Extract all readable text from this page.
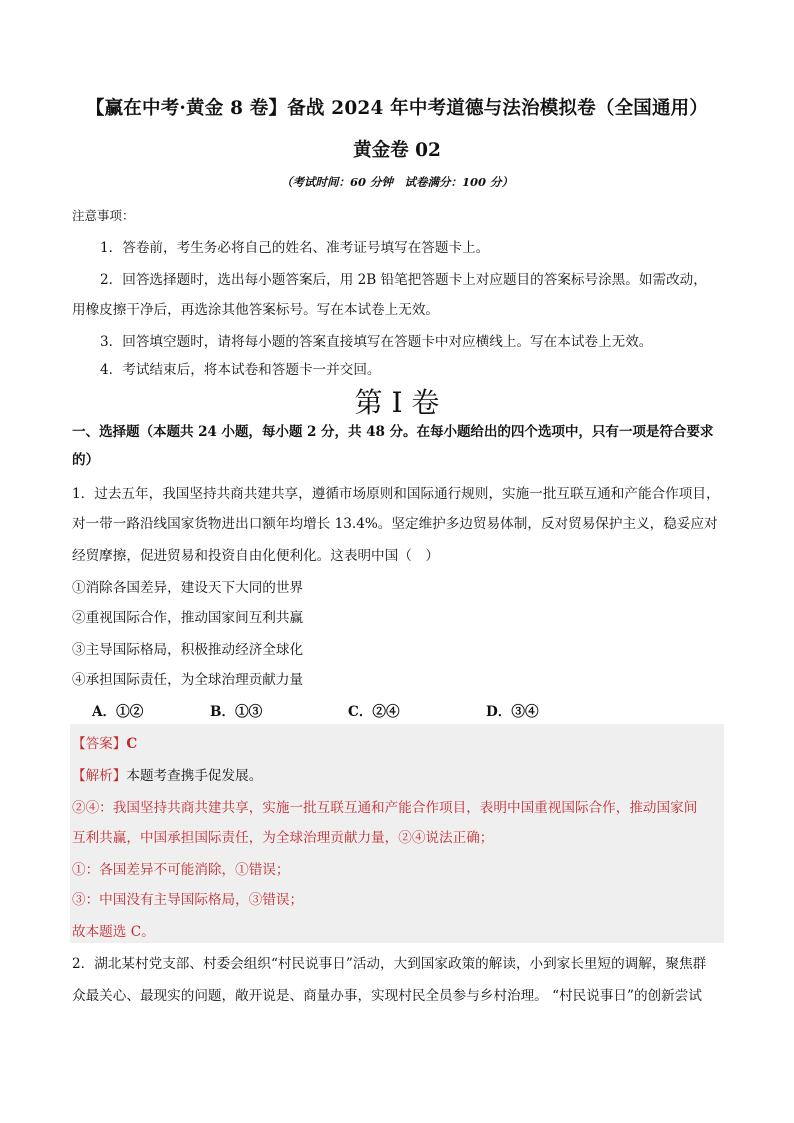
【赢在中考·黄金 8 卷】备战 2024 年中考道德与法治模拟卷（全国通用）
黄金卷 02
（考试时间：60 分钟　试卷满分：100 分）
注意事项：
1．答卷前，考生务必将自己的姓名、准考证号填写在答题卡上。
2．回答选择题时，选出每小题答案后，用 2B 铅笔把答题卡上对应题目的答案标号涂黑。如需改动，
用橡皮擦干净后，再选涂其他答案标号。写在本试卷上无效。
3．回答填空题时，请将每小题的答案直接填写在答题卡中对应横线上。写在本试卷上无效。
4．考试结束后，将本试卷和答题卡一并交回。
第 I 卷
一、选择题（本题共 24 小题，每小题 2 分，共 48 分。在每小题给出的四个选项中，只有一项是符合要求
的）
1．过去五年，我国坚持共商共建共享，遵循市场原则和国际通行规则，实施一批互联互通和产能合作项目，
对一带一路沿线国家货物进出口额年均增长 13.4%。坚定维护多边贸易体制，反对贸易保护主义，稳妥应对
经贸摩擦，促进贸易和投资自由化便利化。这表明中国（　）
①消除各国差异，建设天下大同的世界
②重视国际合作，推动国家间互利共赢
③主导国际格局，积极推动经济全球化
④承担国际责任，为全球治理贡献力量
A．①②	B．①③	C．②④	D．③④
【答案】C
【解析】本题考查携手促发展。
②④：我国坚持共商共建共享，实施一批互联互通和产能合作项目，表明中国重视国际合作，推动国家间
互利共赢，中国承担国际责任，为全球治理贡献力量，②④说法正确；
①：各国差异不可能消除，①错误；
③：中国没有主导国际格局，③错误；
故本题选 C。
2．湖北某村党支部、村委会组织“村民说事日”活动，大到国家政策的解读，小到家长里短的调解，聚焦群
众最关心、最现实的问题，敞开说是、商量办事，实现村民全员参与乡村治理。 “村民说事日”的创新尝试
